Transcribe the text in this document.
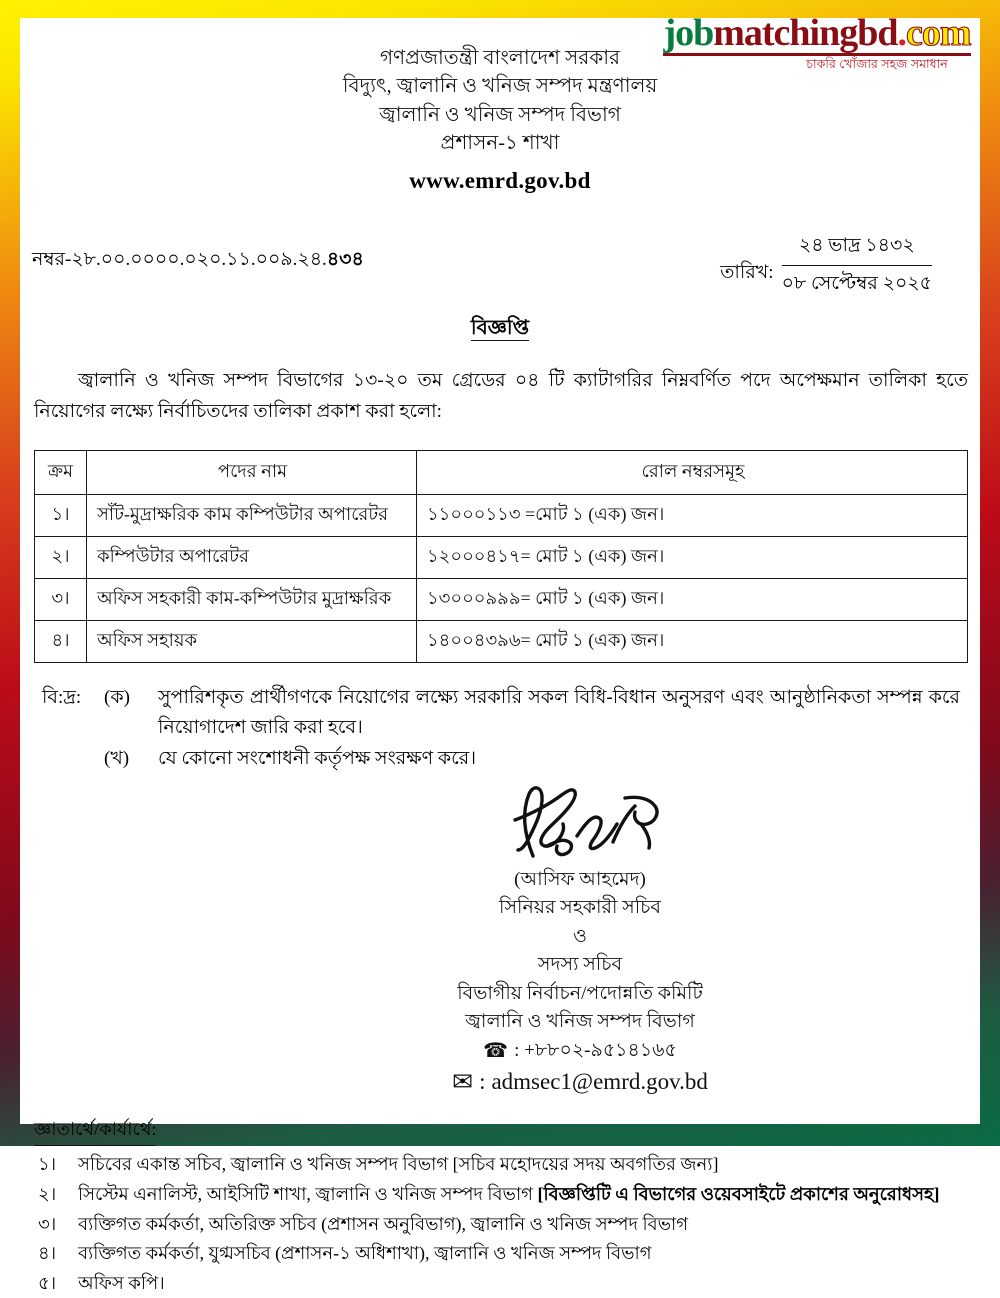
jobmatchingbd.com
চাকরি খোঁজার সহজ সমাধান
গণপ্রজাতন্ত্রী বাংলাদেশ সরকার
বিদ্যুৎ, জ্বালানি ও খনিজ সম্পদ মন্ত্রণালয়
জ্বালানি ও খনিজ সম্পদ বিভাগ
প্রশাসন-১ শাখা
www.emrd.gov.bd
নম্বর-২৮.০০.০০০০.০২০.১১.০০৯.২৪.৪৩৪
তারিখ:
২৪ ভাদ্র ১৪৩২
০৮ সেপ্টেম্বর ২০২৫
বিজ্ঞপ্তি

জ্বালানি ও খনিজ সম্পদ বিভাগের ১৩-২০ তম গ্রেডের ০৪ টি ক্যাটাগরির নিম্নবর্ণিত পদে অপেক্ষমান তালিকা হতে নিয়োগের লক্ষ্যে নির্বাচিতদের তালিকা প্রকাশ করা হলো:

ক্রম	পদের নাম	রোল নম্বরসমূহ
১।	সাঁট-মুদ্রাক্ষরিক কাম কম্পিউটার অপারেটর	১১০০০১১৩ =মোট ১ (এক) জন।
২।	কম্পিউটার অপারেটর	১২০০০৪১৭= মোট ১ (এক) জন।
৩।	অফিস সহকারী কাম-কম্পিউটার মুদ্রাক্ষরিক	১৩০০০৯৯৯= মোট ১ (এক) জন।
৪।	অফিস সহায়ক	১৪০০৪৩৯৬= মোট ১ (এক) জন।
বি:দ্র:	(ক)	সুপারিশকৃত প্রার্থীগণকে নিয়োগের লক্ষ্যে সরকারি সকল বিধি-বিধান অনুসরণ এবং আনুষ্ঠানিকতা সম্পন্ন করে নিয়োগাদেশ জারি করা হবে।
(খ)	যে কোনো সংশোধনী কর্তৃপক্ষ সংরক্ষণ করে।
(আসিফ আহমেদ)
সিনিয়র সহকারী সচিব
ও
সদস্য সচিব
বিভাগীয় নির্বাচন/পদোন্নতি কমিটি
জ্বালানি ও খনিজ সম্পদ বিভাগ
☎ : +৮৮০২-৯৫১৪১৬৫
✉ : admsec1@emrd.gov.bd
জ্ঞাতার্থে/কার্যার্থে:
১।	সচিবের একান্ত সচিব, জ্বালানি ও খনিজ সম্পদ বিভাগ [সচিব মহোদয়ের সদয় অবগতির জন্য]
২।	সিস্টেম এনালিস্ট, আইসিটি শাখা, জ্বালানি ও খনিজ সম্পদ বিভাগ [বিজ্ঞপ্তিটি এ বিভাগের ওয়েবসাইটে প্রকাশের অনুরোধসহ]
৩।	ব্যক্তিগত কর্মকর্তা, অতিরিক্ত সচিব (প্রশাসন অনুবিভাগ), জ্বালানি ও খনিজ সম্পদ বিভাগ
৪।	ব্যক্তিগত কর্মকর্তা, যুগ্মসচিব (প্রশাসন-১ অধিশাখা), জ্বালানি ও খনিজ সম্পদ বিভাগ
৫।	অফিস কপি।
